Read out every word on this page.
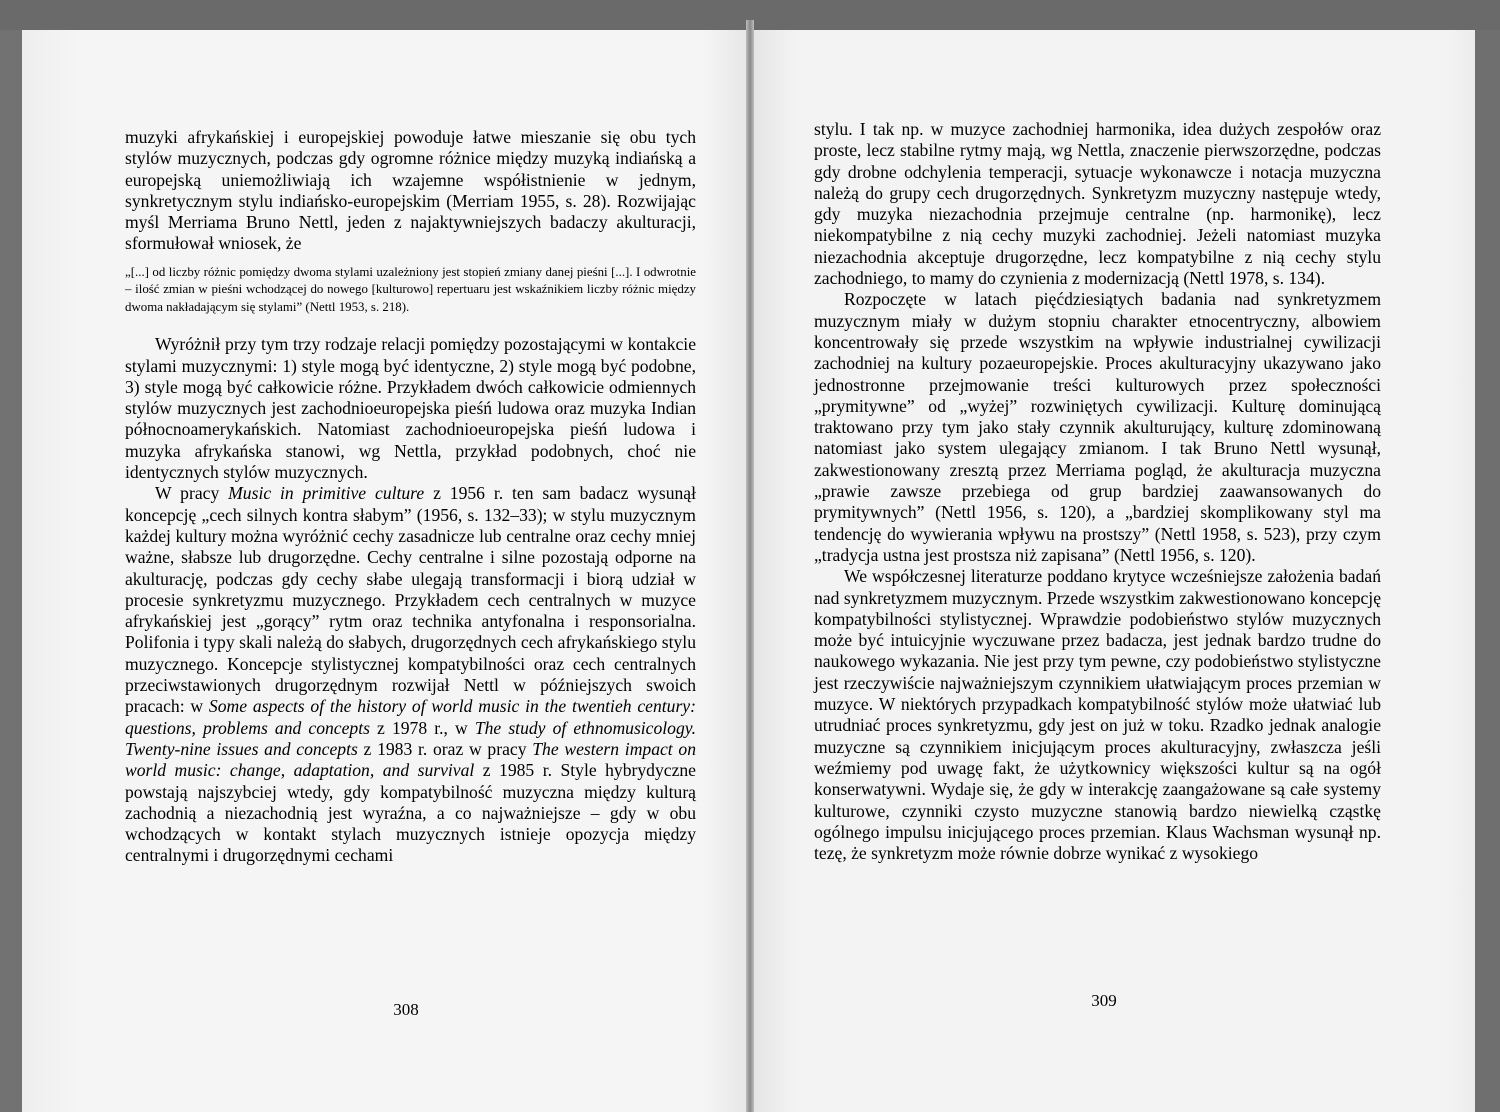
muzyki afrykańskiej i europejskiej powoduje łatwe mieszanie się obu tych stylów muzycznych, podczas gdy ogromne różnice między muzyką indiańską a europejską uniemożliwiają ich wzajemne współistnienie w jednym, synkretycznym stylu indiańsko-europejskim (Merriam 1955, s. 28). Rozwijając myśl Merriama Bruno Nettl, jeden z najaktywniejszych badaczy akulturacji, sformułował wniosek, że

„[...] od liczby różnic pomiędzy dwoma stylami uzależniony jest stopień zmiany danej pieśni [...]. I odwrotnie – ilość zmian w pieśni wchodzącej do nowego [kulturowo] repertuaru jest wskaźnikiem liczby różnic między dwoma nakładającym się stylami” (Nettl 1953, s. 218).

Wyróżnił przy tym trzy rodzaje relacji pomiędzy pozostającymi w kontakcie stylami muzycznymi: 1) style mogą być identyczne, 2) style mogą być podobne, 3) style mogą być całkowicie różne. Przykładem dwóch całkowicie odmiennych stylów muzycznych jest zachodnioeuropejska pieśń ludowa oraz muzyka Indian północnoamerykańskich. Natomiast zachodnioeuropejska pieśń ludowa i muzyka afrykańska stanowi, wg Nettla, przykład podobnych, choć nie identycznych stylów muzycznych.

W pracy Music in primitive culture z 1956 r. ten sam badacz wysunął koncepcję „cech silnych kontra słabym” (1956, s. 132–33); w stylu muzycznym każdej kultury można wyróżnić cechy zasadnicze lub centralne oraz cechy mniej ważne, słabsze lub drugorzędne. Cechy centralne i silne pozostają odporne na akulturację, podczas gdy cechy słabe ulegają transformacji i biorą udział w procesie synkretyzmu muzycznego. Przykładem cech centralnych w muzyce afrykańskiej jest „gorący” rytm oraz technika antyfonalna i responsorialna. Polifonia i typy skali należą do słabych, drugorzędnych cech afrykańskiego stylu muzycznego. Koncepcje stylistycznej kompatybilności oraz cech centralnych przeciwstawionych drugorzędnym rozwijał Nettl w późniejszych swoich pracach: w Some aspects of the history of world music in the twentieh century: questions, problems and concepts z 1978 r., w The study of ethnomusicology. Twenty-nine issues and concepts z 1983 r. oraz w pracy The western impact on world music: change, adaptation, and survival z 1985 r. Style hybrydyczne powstają najszybciej wtedy, gdy kompatybilność muzyczna między kulturą zachodnią a niezachodnią jest wyraźna, a co najważniejsze – gdy w obu wchodzących w kontakt stylach muzycznych istnieje opozycja między centralnymi i drugorzędnymi cechami

308

stylu. I tak np. w muzyce zachodniej harmonika, idea dużych zespołów oraz proste, lecz stabilne rytmy mają, wg Nettla, znaczenie pierwszorzędne, podczas gdy drobne odchylenia temperacji, sytuacje wykonawcze i notacja muzyczna należą do grupy cech drugorzędnych. Synkretyzm muzyczny następuje wtedy, gdy muzyka niezachodnia przejmuje centralne (np. harmonikę), lecz niekompatybilne z nią cechy muzyki zachodniej. Jeżeli natomiast muzyka niezachodnia akceptuje drugorzędne, lecz kompatybilne z nią cechy stylu zachodniego, to mamy do czynienia z modernizacją (Nettl 1978, s. 134).

Rozpoczęte w latach pięćdziesiątych badania nad synkretyzmem muzycznym miały w dużym stopniu charakter etnocentryczny, albowiem koncentrowały się przede wszystkim na wpływie industrialnej cywilizacji zachodniej na kultury pozaeuropejskie. Proces akulturacyjny ukazywano jako jednostronne przejmowanie treści kulturowych przez społeczności „prymitywne” od „wyżej” rozwiniętych cywilizacji. Kulturę dominującą traktowano przy tym jako stały czynnik akulturujący, kulturę zdominowaną natomiast jako system ulegający zmianom. I tak Bruno Nettl wysunął, zakwestionowany zresztą przez Merriama pogląd, że akulturacja muzyczna „prawie zawsze przebiega od grup bardziej zaawansowanych do prymitywnych” (Nettl 1956, s. 120), a „bardziej skomplikowany styl ma tendencję do wywierania wpływu na prostszy” (Nettl 1958, s. 523), przy czym „tradycja ustna jest prostsza niż zapisana” (Nettl 1956, s. 120).

We współczesnej literaturze poddano krytyce wcześniejsze założenia badań nad synkretyzmem muzycznym. Przede wszystkim zakwestionowano koncepcję kompatybilności stylistycznej. Wprawdzie podobieństwo stylów muzycznych może być intuicyjnie wyczuwane przez badacza, jest jednak bardzo trudne do naukowego wykazania. Nie jest przy tym pewne, czy podobieństwo stylistyczne jest rzeczywiście najważniejszym czynnikiem ułatwiającym proces przemian w muzyce. W niektórych przypadkach kompatybilność stylów może ułatwiać lub utrudniać proces synkretyzmu, gdy jest on już w toku. Rzadko jednak analogie muzyczne są czynnikiem inicjującym proces akulturacyjny, zwłaszcza jeśli weźmiemy pod uwagę fakt, że użytkownicy większości kultur są na ogół konserwatywni. Wydaje się, że gdy w interakcję zaangażowane są całe systemy kulturowe, czynniki czysto muzyczne stanowią bardzo niewielką cząstkę ogólnego impulsu inicjującego proces przemian. Klaus Wachsman wysunął np. tezę, że synkretyzm może równie dobrze wynikać z wysokiego

309
